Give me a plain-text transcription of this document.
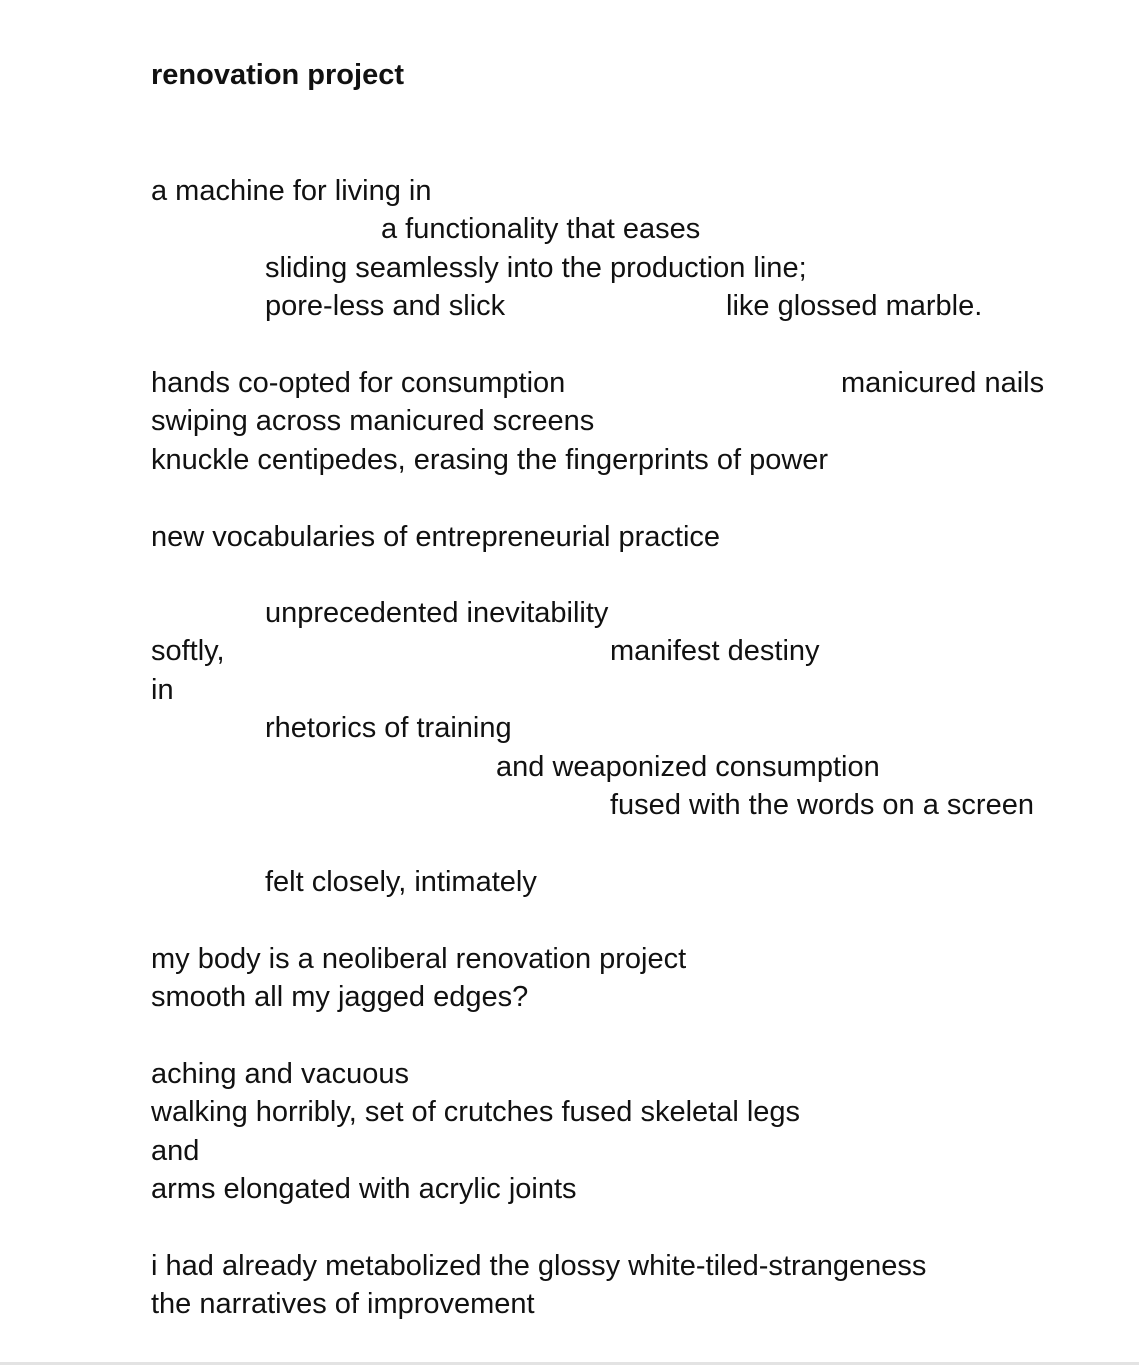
renovation project
a machine for living in
a functionality that eases
sliding seamlessly into the production line;
pore-less and slick	like glossed marble.
hands co-opted for consumption	manicured nails
swiping across manicured screens
knuckle centipedes, erasing the fingerprints of power
new vocabularies of entrepreneurial practice
unprecedented inevitability
softly,	manifest destiny
in
rhetorics of training
and weaponized consumption
fused with the words on a screen
felt closely, intimately
my body is a neoliberal renovation project
smooth all my jagged edges?
aching and vacuous
walking horribly, set of crutches fused skeletal legs
and
arms elongated with acrylic joints
i had already metabolized the glossy white-tiled-strangeness
the narratives of improvement
